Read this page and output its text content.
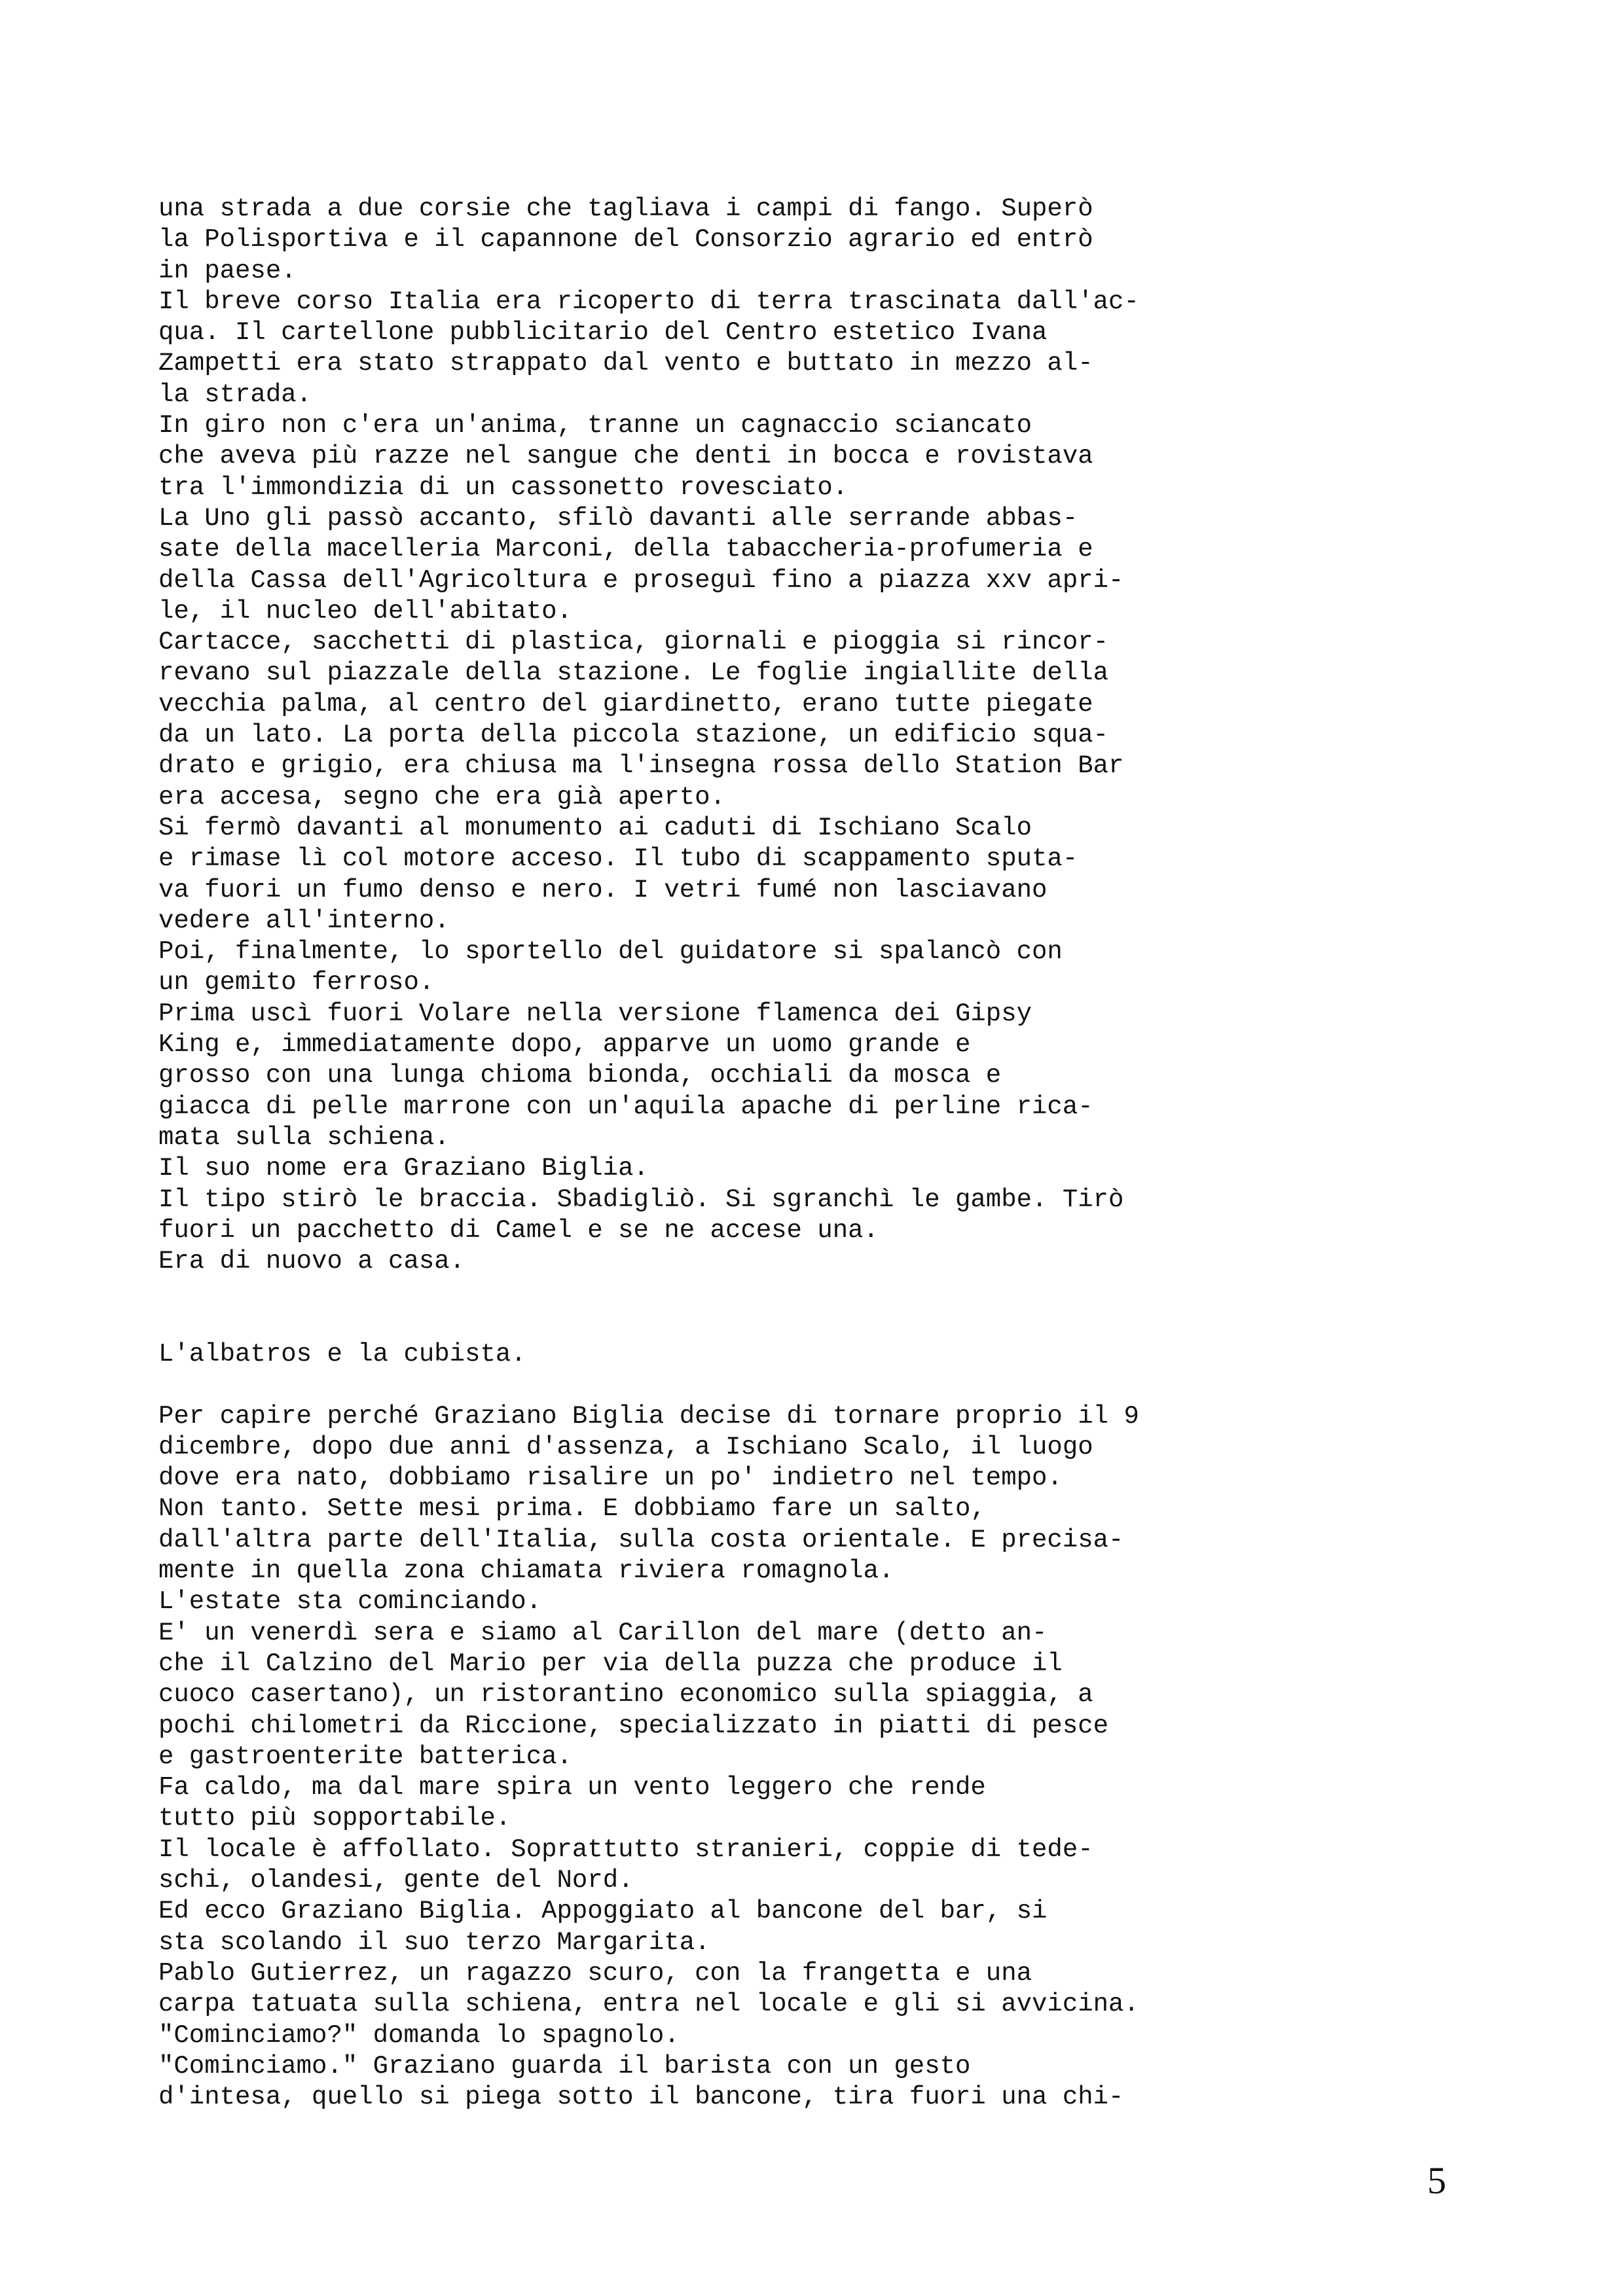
una strada a due corsie che tagliava i campi di fango. Superò
la Polisportiva e il capannone del Consorzio agrario ed entrò
in paese.
Il breve corso Italia era ricoperto di terra trascinata dall'ac-
qua. Il cartellone pubblicitario del Centro estetico Ivana
Zampetti era stato strappato dal vento e buttato in mezzo al-
la strada.
In giro non c'era un'anima, tranne un cagnaccio sciancato
che aveva più razze nel sangue che denti in bocca e rovistava
tra l'immondizia di un cassonetto rovesciato.
La Uno gli passò accanto, sfilò davanti alle serrande abbas-
sate della macelleria Marconi, della tabaccheria-profumeria e
della Cassa dell'Agricoltura e proseguì fino a piazza xxv apri-
le, il nucleo dell'abitato.
Cartacce, sacchetti di plastica, giornali e pioggia si rincor-
revano sul piazzale della stazione. Le foglie ingiallite della
vecchia palma, al centro del giardinetto, erano tutte piegate
da un lato. La porta della piccola stazione, un edificio squa-
drato e grigio, era chiusa ma l'insegna rossa dello Station Bar
era accesa, segno che era già aperto.
Si fermò davanti al monumento ai caduti di Ischiano Scalo
e rimase lì col motore acceso. Il tubo di scappamento sputa-
va fuori un fumo denso e nero. I vetri fumé non lasciavano
vedere all'interno.
Poi, finalmente, lo sportello del guidatore si spalancò con
un gemito ferroso.
Prima uscì fuori Volare nella versione flamenca dei Gipsy
King e, immediatamente dopo, apparve un uomo grande e
grosso con una lunga chioma bionda, occhiali da mosca e
giacca di pelle marrone con un'aquila apache di perline rica-
mata sulla schiena.
Il suo nome era Graziano Biglia.
Il tipo stirò le braccia. Sbadigliò. Si sgranchì le gambe. Tirò
fuori un pacchetto di Camel e se ne accese una.
Era di nuovo a casa.
L'albatros e la cubista.
Per capire perché Graziano Biglia decise di tornare proprio il 9
dicembre, dopo due anni d'assenza, a Ischiano Scalo, il luogo
dove era nato, dobbiamo risalire un po' indietro nel tempo.
Non tanto. Sette mesi prima. E dobbiamo fare un salto,
dall'altra parte dell'Italia, sulla costa orientale. E precisa-
mente in quella zona chiamata riviera romagnola.
L'estate sta cominciando.
E' un venerdì sera e siamo al Carillon del mare (detto an-
che il Calzino del Mario per via della puzza che produce il
cuoco casertano), un ristorantino economico sulla spiaggia, a
pochi chilometri da Riccione, specializzato in piatti di pesce
e gastroenterite batterica.
Fa caldo, ma dal mare spira un vento leggero che rende
tutto più sopportabile.
Il locale è affollato. Soprattutto stranieri, coppie di tede-
schi, olandesi, gente del Nord.
Ed ecco Graziano Biglia. Appoggiato al bancone del bar, si
sta scolando il suo terzo Margarita.
Pablo Gutierrez, un ragazzo scuro, con la frangetta e una
carpa tatuata sulla schiena, entra nel locale e gli si avvicina.
"Cominciamo?" domanda lo spagnolo.
"Cominciamo." Graziano guarda il barista con un gesto
d'intesa, quello si piega sotto il bancone, tira fuori una chi-
5
